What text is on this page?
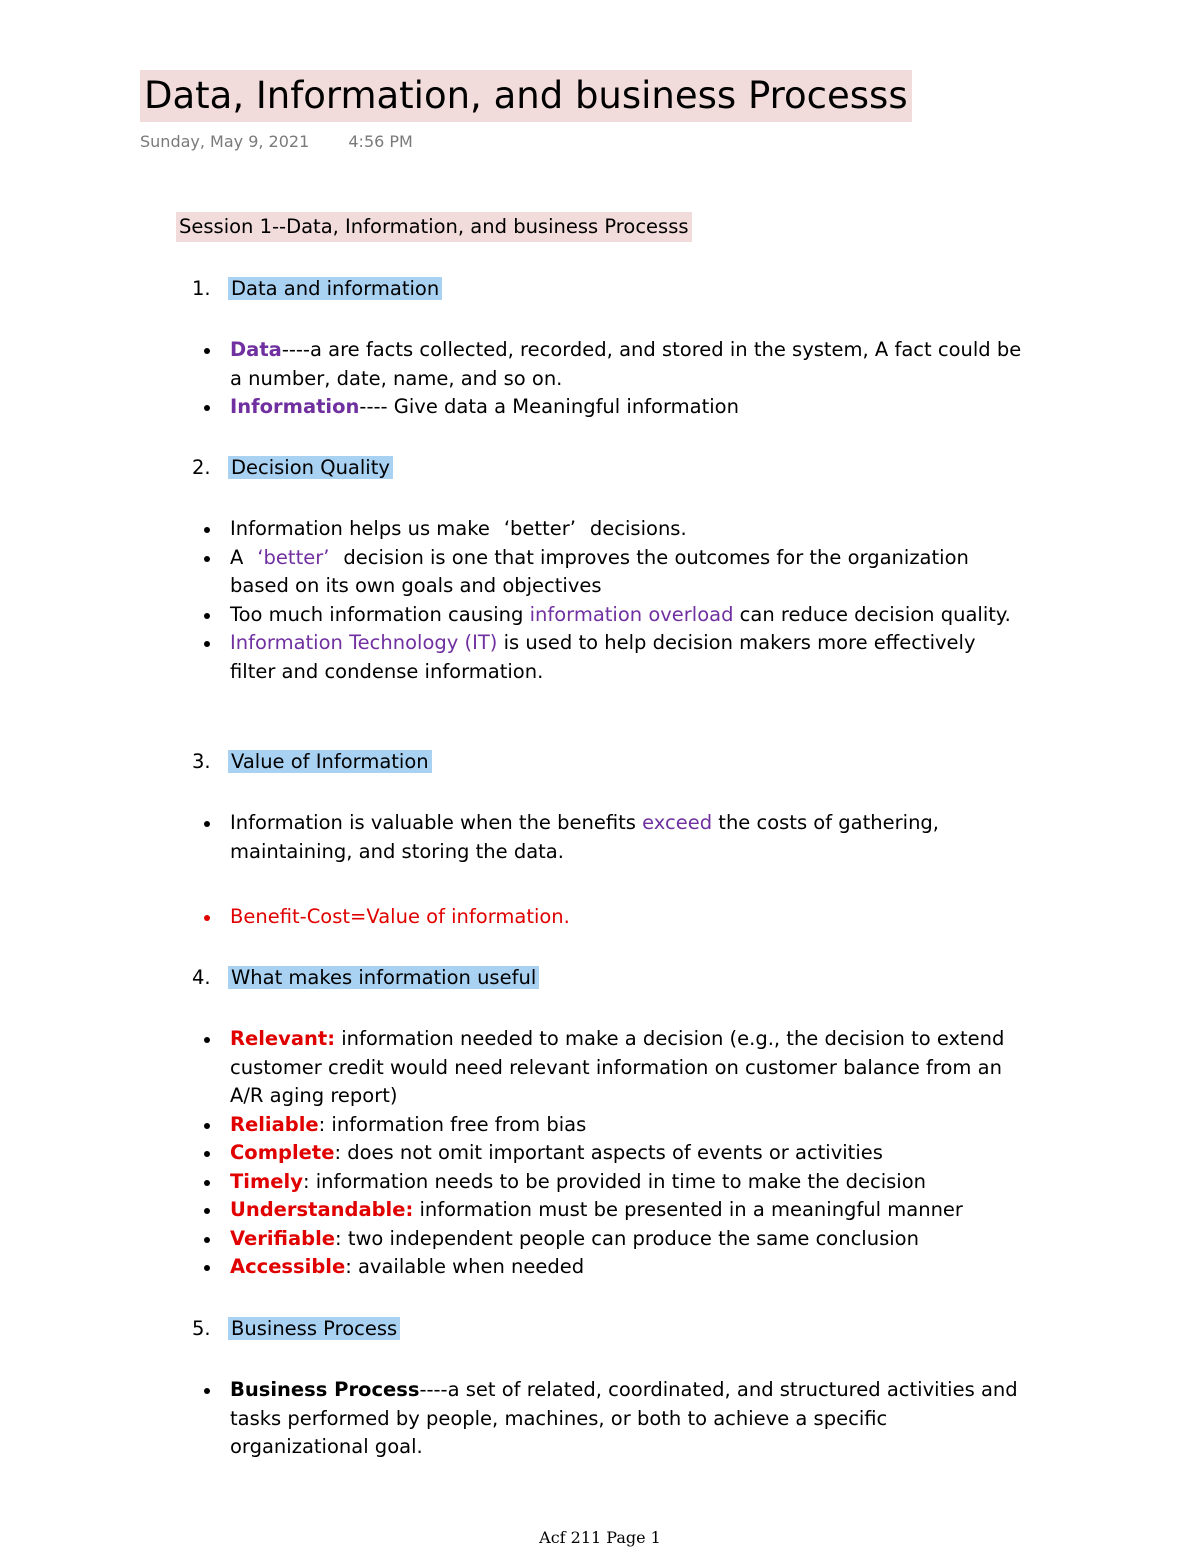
Data, Information, and business Processs
Sunday, May 9, 2021 4:56 PM
Session 1--Data, Information, and business Processs
1. Data and information
Data----a are facts collected, recorded, and stored in the system, A fact could be a number, date, name, and so on.
Information---- Give data a Meaningful information
2. Decision Quality
Information helps us make ‘better’ decisions.
A ‘better’ decision is one that improves the outcomes for the organization based on its own goals and objectives
Too much information causing information overload can reduce decision quality.
Information Technology (IT) is used to help decision makers more effectively filter and condense information.
3. Value of Information
Information is valuable when the benefits exceed the costs of gathering, maintaining, and storing the data.
Benefit-Cost=Value of information.
4. What makes information useful
Relevant: information needed to make a decision (e.g., the decision to extend customer credit would need relevant information on customer balance from an A/R aging report)
Reliable: information free from bias
Complete: does not omit important aspects of events or activities
Timely: information needs to be provided in time to make the decision
Understandable: information must be presented in a meaningful manner
Verifiable: two independent people can produce the same conclusion
Accessible: available when needed
5. Business Process
Business Process----a set of related, coordinated, and structured activities and tasks performed by people, machines, or both to achieve a specific organizational goal.
Acf 211 Page 1
